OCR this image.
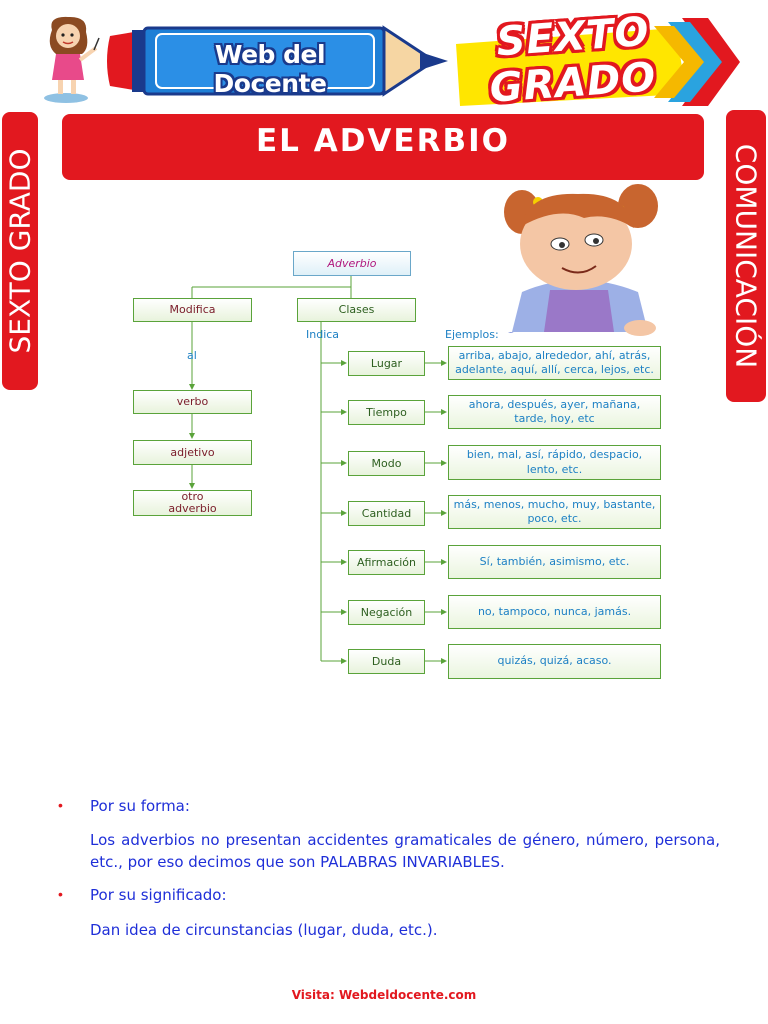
Web del Docente
SEXTO
GRADO
SEXTO GRADO	COMUNICACIÓN
EL ADVERBIO
Adverbio
Modifica	Clases
al
Indica	Ejemplos:
verbo
adjetivo
otro
adverbio
Lugar
Tiempo
Modo
Cantidad
Afirmación
Negación
Duda
arriba, abajo, alrededor, ahí, atrás, adelante, aquí, allí, cerca, lejos, etc.
ahora, después, ayer, mañana, tarde, hoy, etc
bien, mal, así, rápido, despacio, lento, etc.
más, menos, mucho, muy, bastante, poco, etc.
Sí, también, asimismo, etc.
no, tampoco, nunca, jamás.
quizás, quizá, acaso.
•	Por su forma:
Los adverbios no presentan accidentes gramaticales de género, número, persona, etc., por eso decimos que son PALABRAS INVARIABLES.
•	Por su significado:
Dan idea de circunstancias (lugar, duda, etc.).
Visita: Webdeldocente.com
